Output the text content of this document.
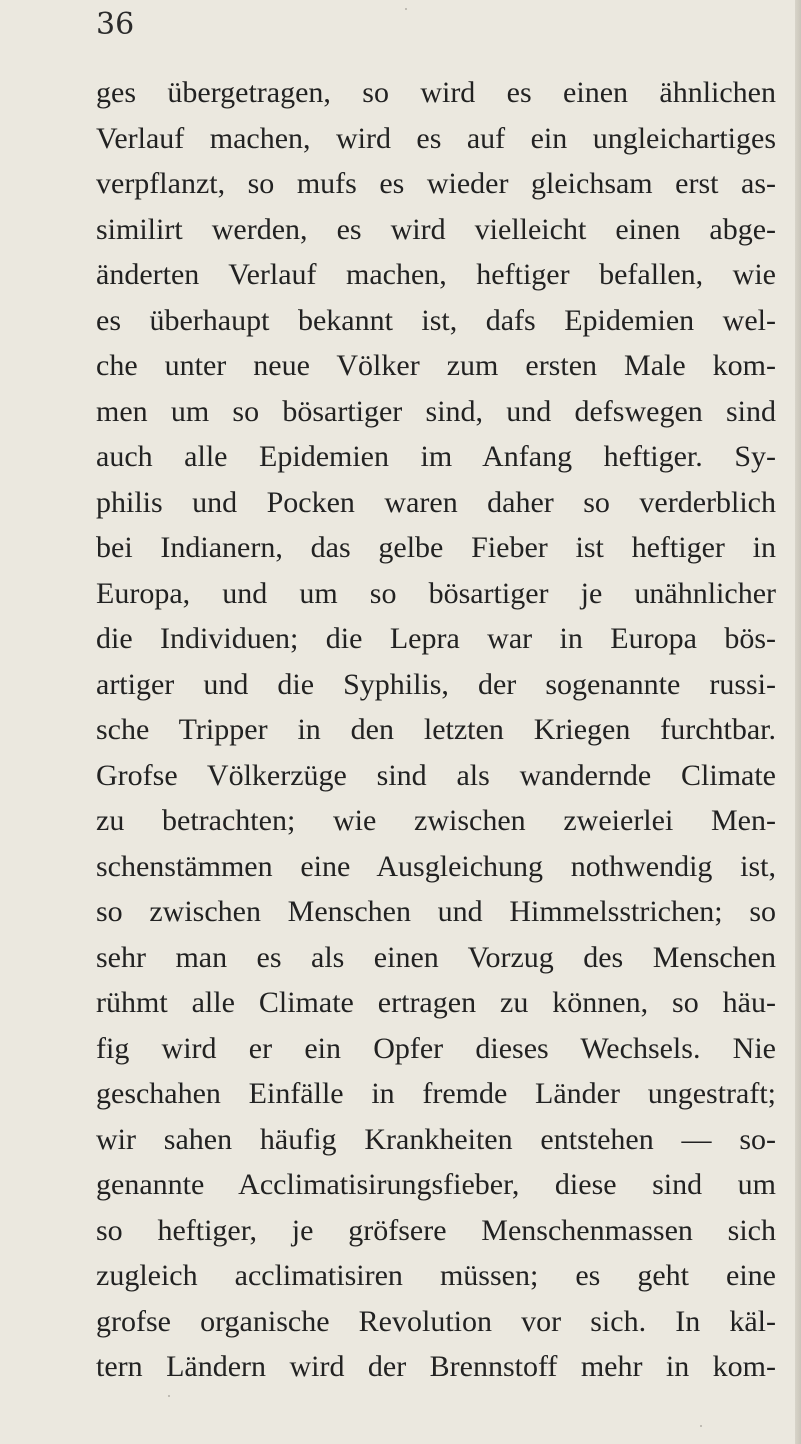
36
ges übergetragen, so wird es einen ähnlichen
Verlauf machen, wird es auf ein ungleichartiges
verpflanzt, so mufs es wieder gleichsam erst as-
similirt werden, es wird vielleicht einen abge-
änderten Verlauf machen, heftiger befallen, wie
es überhaupt bekannt ist, dafs Epidemien wel-
che unter neue Völker zum ersten Male kom-
men um so bösartiger sind, und defswegen sind
auch alle Epidemien im Anfang heftiger. Sy-
philis und Pocken waren daher so verderblich
bei Indianern, das gelbe Fieber ist heftiger in
Europa, und um so bösartiger je unähnlicher
die Individuen; die Lepra war in Europa bös-
artiger und die Syphilis, der sogenannte russi-
sche Tripper in den letzten Kriegen furchtbar.
Grofse Völkerzüge sind als wandernde Climate
zu betrachten; wie zwischen zweierlei Men-
schenstämmen eine Ausgleichung nothwendig ist,
so zwischen Menschen und Himmelsstrichen; so
sehr man es als einen Vorzug des Menschen
rühmt alle Climate ertragen zu können, so häu-
fig wird er ein Opfer dieses Wechsels. Nie
geschahen Einfälle in fremde Länder ungestraft;
wir sahen häufig Krankheiten entstehen — so-
genannte Acclimatisirungsfieber, diese sind um
so heftiger, je gröfsere Menschenmassen sich
zugleich acclimatisiren müssen; es geht eine
grofse organische Revolution vor sich. In käl-
tern Ländern wird der Brennstoff mehr in kom-
